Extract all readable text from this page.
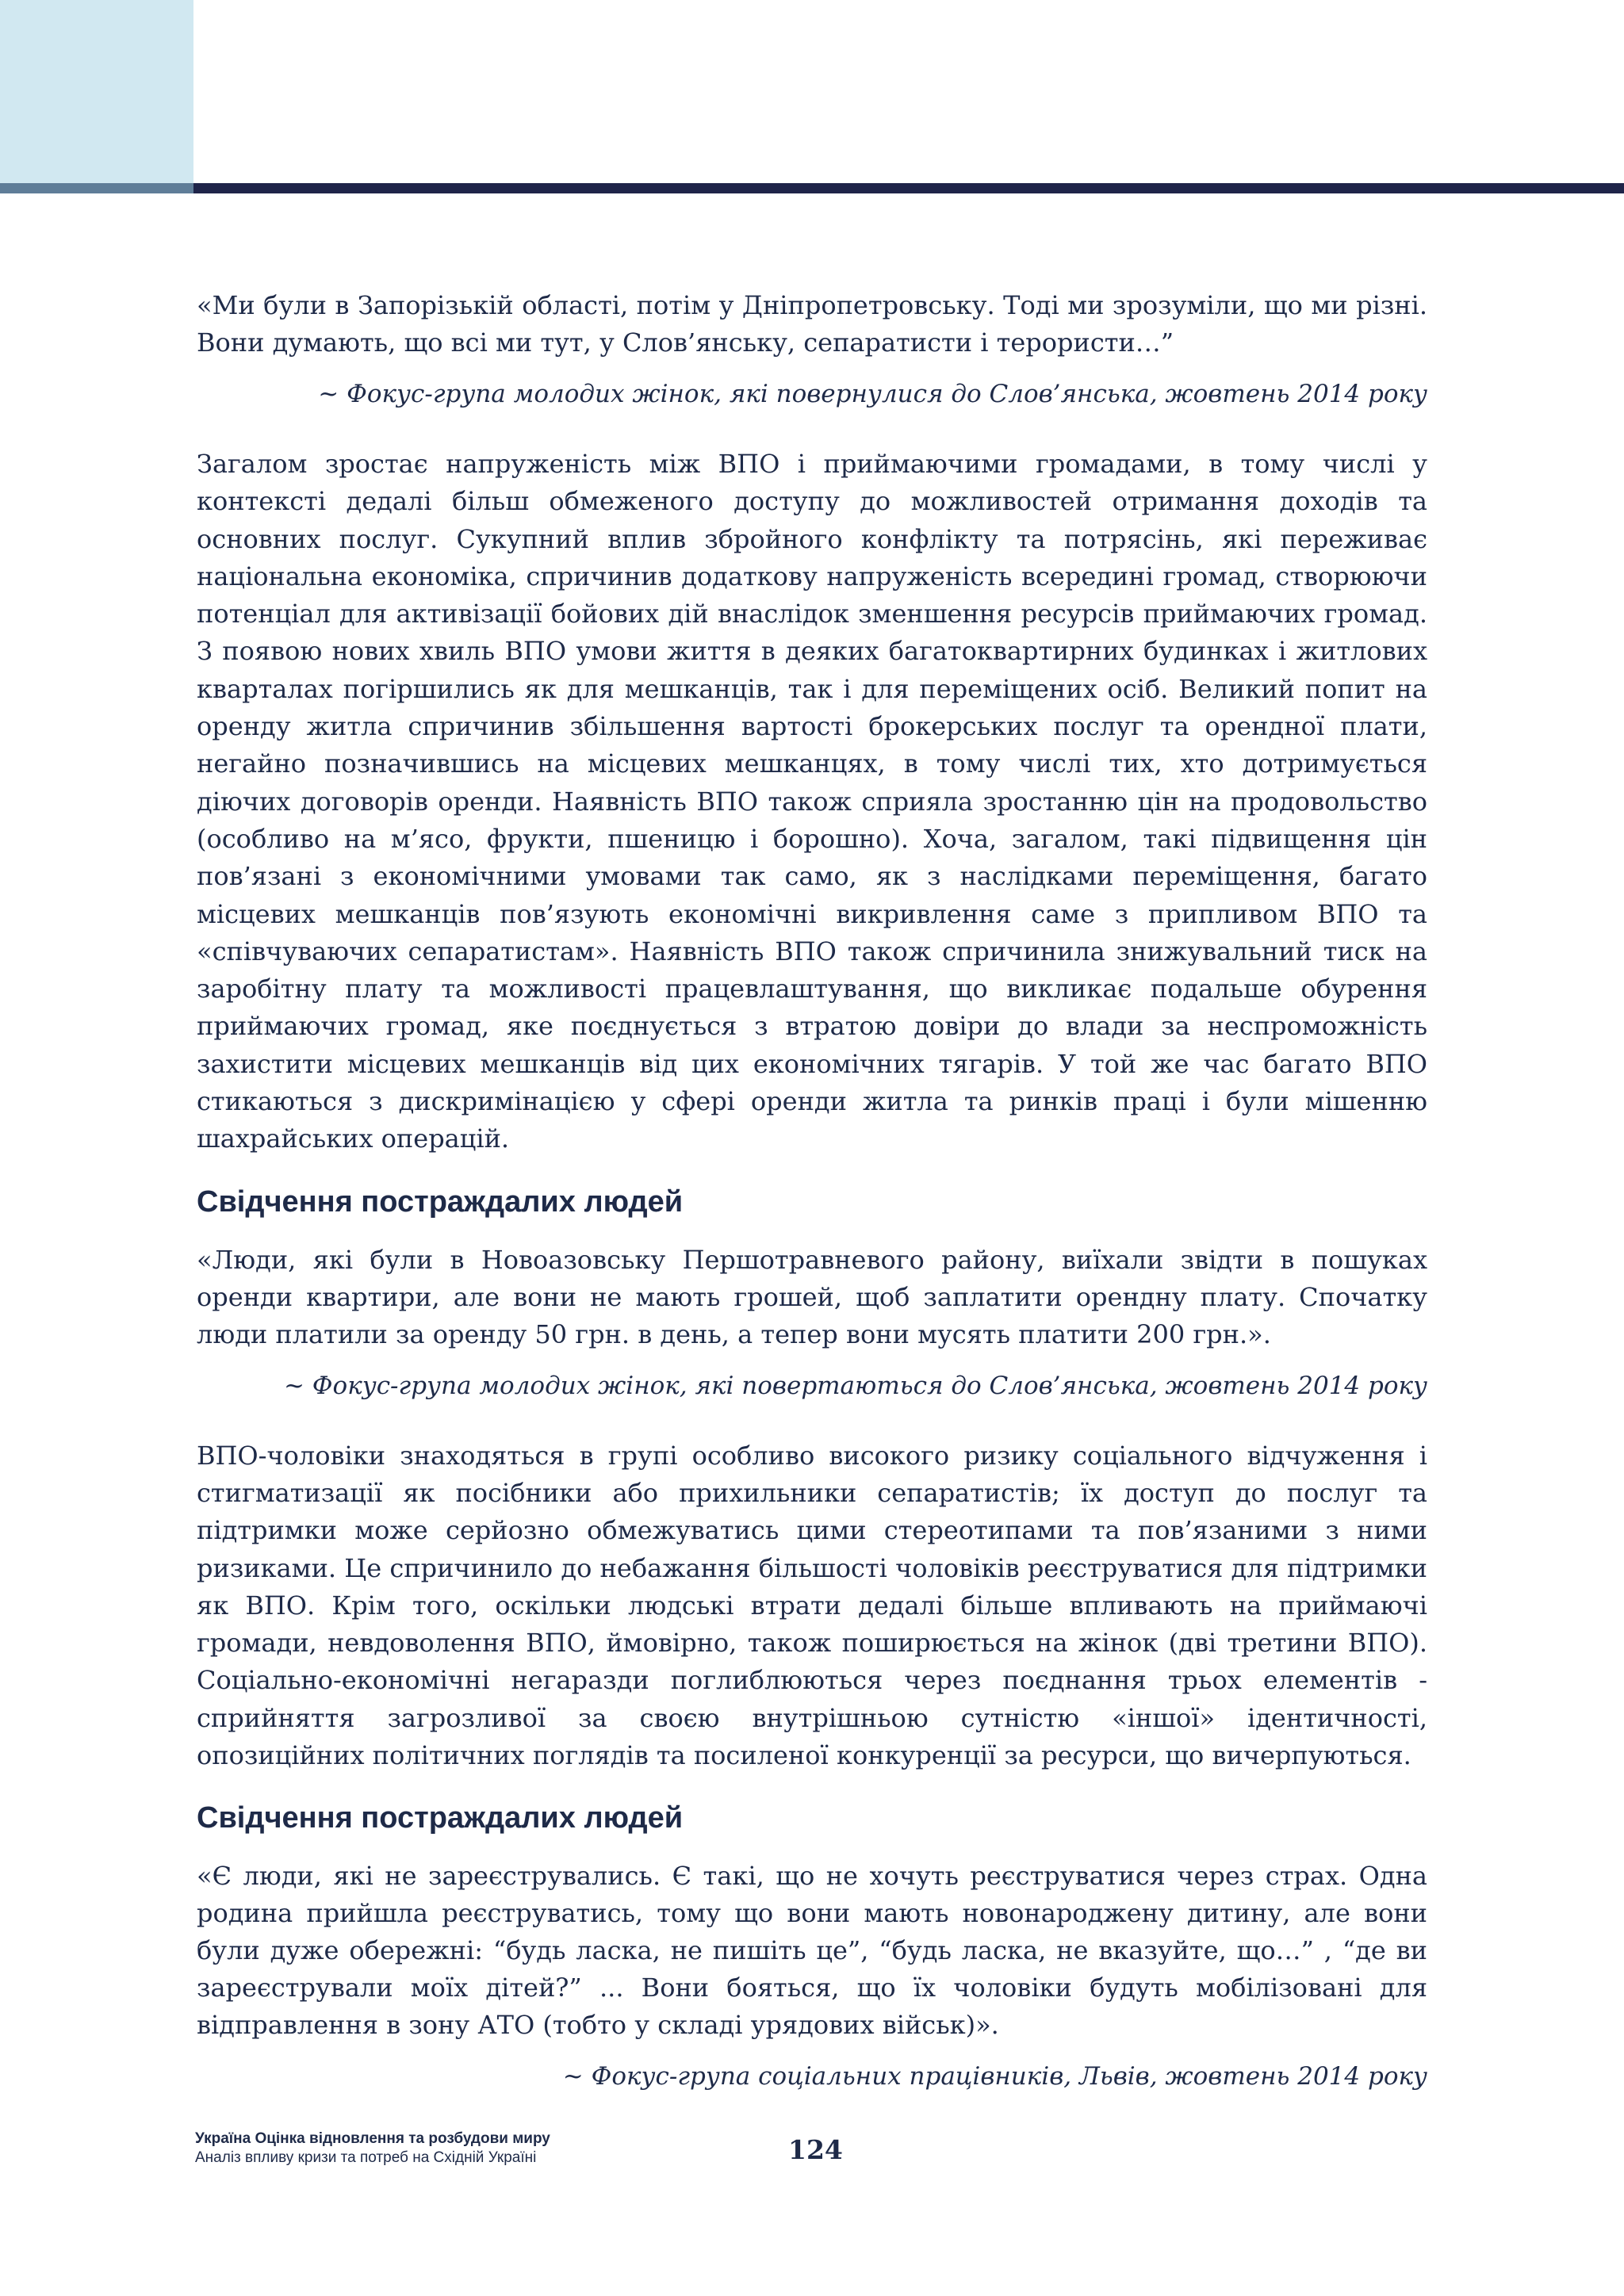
«Ми були в Запорізькій області, потім у Дніпропетровську. Тоді ми зрозуміли, що ми різні. Вони думають, що всі ми тут, у Слов’янську, сепаратисти і терористи…”

~ Фокус-група молодих жінок, які повернулися до Слов’янська, жовтень 2014 року

Загалом зростає напруженість між ВПО і приймаючими громадами, в тому числі у контексті дедалі більш обмеженого доступу до можливостей отримання доходів та основних послуг. Сукупний вплив збройного конфлікту та потрясінь, які переживає національна економіка, спричинив додаткову напруженість всередині громад, створюючи потенціал для активізації бойових дій внаслідок зменшення ресурсів приймаючих громад. З появою нових хвиль ВПО умови життя в деяких багатоквартирних будинках і житлових кварталах погіршились як для мешканців, так і для переміщених осіб. Великий попит на оренду житла спричинив збільшення вартості брокерських послуг та орендної плати, негайно позначившись на місцевих мешканцях, в тому числі тих, хто дотримується діючих договорів оренди. Наявність ВПО також сприяла зростанню цін на продовольство (особливо на м’ясо, фрукти, пшеницю і борошно). Хоча, загалом, такі підвищення цін пов’язані з економічними умовами так само, як з наслідками переміщення, багато місцевих мешканців пов’язують економічні викривлення саме з припливом ВПО та «співчуваючих сепаратистам». Наявність ВПО також спричинила знижувальний тиск на заробітну плату та можливості працевлаштування, що викликає подальше обурення приймаючих громад, яке поєднується з втратою довіри до влади за неспроможність захистити місцевих мешканців від цих економічних тягарів. У той же час багато ВПО стикаються з дискримінацією у сфері оренди житла та ринків праці і були мішенню шахрайських операцій.

Свідчення постраждалих людей

«Люди, які були в Новоазовську Першотравневого району, виїхали звідти в пошуках оренди квартири, але вони не мають грошей, щоб заплатити орендну плату. Спочатку люди платили за оренду 50 грн. в день, а тепер вони мусять платити 200 грн.».

~ Фокус-група молодих жінок, які повертаються до Слов’янська, жовтень 2014 року

ВПО-чоловіки знаходяться в групі особливо високого ризику соціального відчуження і стигматизації як посібники або прихильники сепаратистів; їх доступ до послуг та підтримки може серйозно обмежуватись цими стереотипами та пов’язаними з ними ризиками. Це спричинило до небажання більшості чоловіків реєструватися для підтримки як ВПО. Крім того, оскільки людські втрати дедалі більше впливають на приймаючі громади, невдоволення ВПО, ймовірно, також поширюється на жінок (дві третини ВПО). Соціально-економічні негаразди поглиблюються через поєднання трьох елементів - сприйняття загрозливої за своєю внутрішньою сутністю «іншої» ідентичності, опозиційних політичних поглядів та посиленої конкуренції за ресурси, що вичерпуються.

Свідчення постраждалих людей

«Є люди, які не зареєструвались. Є такі, що не хочуть реєструватися через страх. Одна родина прийшла реєструватись, тому що вони мають новонароджену дитину, але вони були дуже обережні: “будь ласка, не пишіть це”, “будь ласка, не вказуйте, що…” , “де ви зареєстрували моїх дітей?” ... Вони бояться, що їх чоловіки будуть мобілізовані для відправлення в зону АТО (тобто у складі урядових військ)».

~ Фокус-група соціальних працівників, Львів, жовтень 2014 року

Україна Оцінка відновлення та розбудови миру
Аналіз впливу кризи та потреб на Східній Україні	124
